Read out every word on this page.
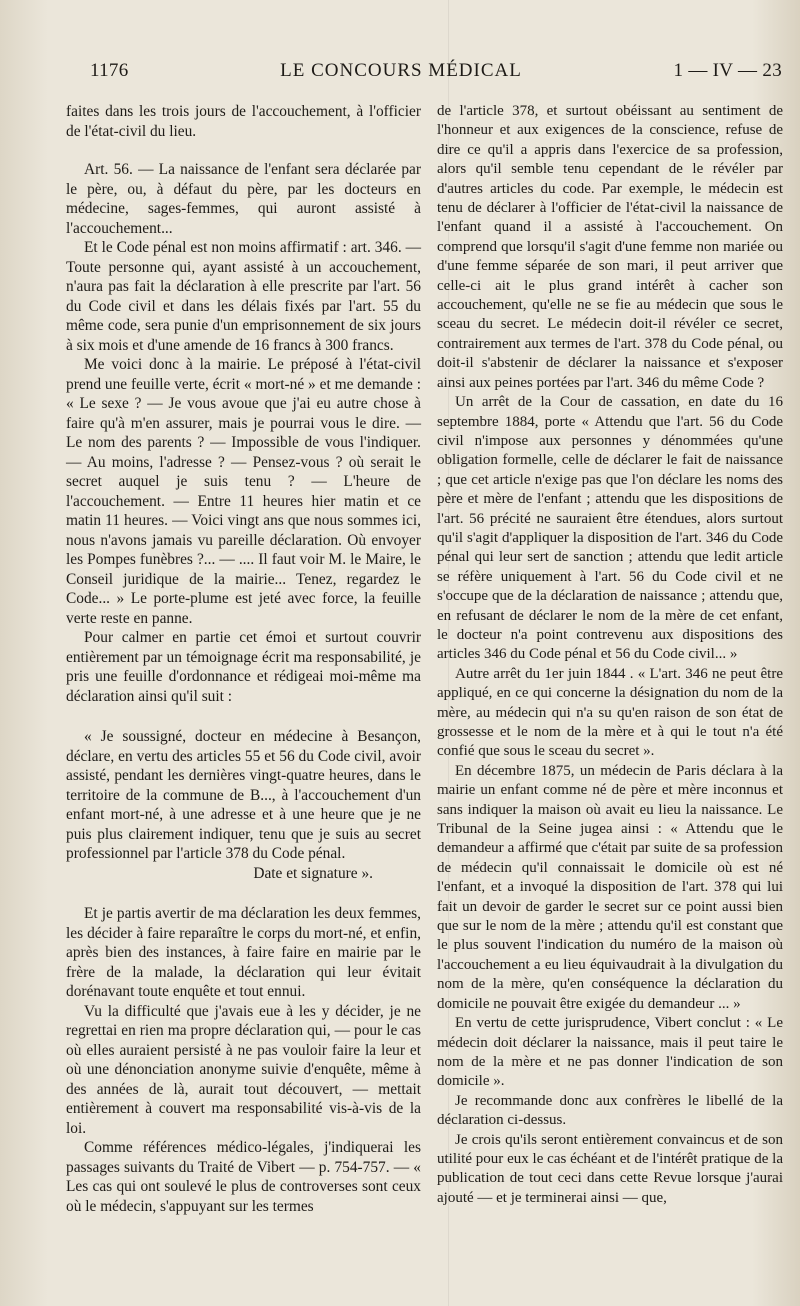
1176	LE CONCOURS MÉDICAL	1 — IV — 23

faites dans les trois jours de l'accouchement, à l'officier de l'état-civil du lieu.

Art. 56. — La naissance de l'enfant sera déclarée par le père, ou, à défaut du père, par les docteurs en médecine, sages-femmes, qui auront assisté à l'accouchement...

Et le Code pénal est non moins affirmatif : art. 346. — Toute personne qui, ayant assisté à un accouchement, n'aura pas fait la déclaration à elle prescrite par l'art. 56 du Code civil et dans les délais fixés par l'art. 55 du même code, sera punie d'un emprisonnement de six jours à six mois et d'une amende de 16 francs à 300 francs.

Me voici donc à la mairie. Le préposé à l'état-civil prend une feuille verte, écrit « mort-né » et me demande : « Le sexe ? — Je vous avoue que j'ai eu autre chose à faire qu'à m'en assurer, mais je pourrai vous le dire. — Le nom des parents ? — Impossible de vous l'indiquer. — Au moins, l'adresse ? — Pensez-vous ? où serait le secret auquel je suis tenu ? — L'heure de l'accouchement. — Entre 11 heures hier matin et ce matin 11 heures. — Voici vingt ans que nous sommes ici, nous n'avons jamais vu pareille déclaration. Où envoyer les Pompes funèbres ?... — .... Il faut voir M. le Maire, le Conseil juridique de la mairie... Tenez, regardez le Code... » Le porte-plume est jeté avec force, la feuille verte reste en panne.

Pour calmer en partie cet émoi et surtout couvrir entièrement par un témoignage écrit ma responsabilité, je pris une feuille d'ordonnance et rédigeai moi-même ma déclaration ainsi qu'il suit :

« Je soussigné, docteur en médecine à Besançon, déclare, en vertu des articles 55 et 56 du Code civil, avoir assisté, pendant les dernières vingt-quatre heures, dans le territoire de la commune de B..., à l'accouchement d'un enfant mort-né, à une adresse et à une heure que je ne puis plus clairement indiquer, tenu que je suis au secret professionnel par l'article 378 du Code pénal.

Date et signature ».

Et je partis avertir de ma déclaration les deux femmes, les décider à faire reparaître le corps du mort-né, et enfin, après bien des instances, à faire faire en mairie par le frère de la malade, la déclaration qui leur évitait dorénavant toute enquête et tout ennui.

Vu la difficulté que j'avais eue à les y décider, je ne regrettai en rien ma propre déclaration qui, — pour le cas où elles auraient persisté à ne pas vouloir faire la leur et où une dénonciation anonyme suivie d'enquête, même à des années de là, aurait tout découvert, — mettait entièrement à couvert ma responsabilité vis-à-vis de la loi.

Comme références médico-légales, j'indiquerai les passages suivants du Traité de Vibert — p. 754-757. — « Les cas qui ont soulevé le plus de controverses sont ceux où le médecin, s'appuyant sur les termes

de l'article 378, et surtout obéissant au sentiment de l'honneur et aux exigences de la conscience, refuse de dire ce qu'il a appris dans l'exercice de sa profession, alors qu'il semble tenu cependant de le révéler par d'autres articles du code. Par exemple, le médecin est tenu de déclarer à l'officier de l'état-civil la naissance de l'enfant quand il a assisté à l'accouchement. On comprend que lorsqu'il s'agit d'une femme non mariée ou d'une femme séparée de son mari, il peut arriver que celle-ci ait le plus grand intérêt à cacher son accouchement, qu'elle ne se fie au médecin que sous le sceau du secret. Le médecin doit-il révéler ce secret, contrairement aux termes de l'art. 378 du Code pénal, ou doit-il s'abstenir de déclarer la naissance et s'exposer ainsi aux peines portées par l'art. 346 du même Code ?

Un arrêt de la Cour de cassation, en date du 16 septembre 1884, porte « Attendu que l'art. 56 du Code civil n'impose aux personnes y dénommées qu'une obligation formelle, celle de déclarer le fait de naissance ; que cet article n'exige pas que l'on déclare les noms des père et mère de l'enfant ; attendu que les dispositions de l'art. 56 précité ne sauraient être étendues, alors surtout qu'il s'agit d'appliquer la disposition de l'art. 346 du Code pénal qui leur sert de sanction ; attendu que ledit article se réfère uniquement à l'art. 56 du Code civil et ne s'occupe que de la déclaration de naissance ; attendu que, en refusant de déclarer le nom de la mère de cet enfant, le docteur n'a point contrevenu aux dispositions des articles 346 du Code pénal et 56 du Code civil... »

Autre arrêt du 1er juin 1844 . « L'art. 346 ne peut être appliqué, en ce qui concerne la désignation du nom de la mère, au médecin qui n'a su qu'en raison de son état de grossesse et le nom de la mère et à qui le tout n'a été confié que sous le sceau du secret ».

En décembre 1875, un médecin de Paris déclara à la mairie un enfant comme né de père et mère inconnus et sans indiquer la maison où avait eu lieu la naissance. Le Tribunal de la Seine jugea ainsi : « Attendu que le demandeur a affirmé que c'était par suite de sa profession de médecin qu'il connaissait le domicile où est né l'enfant, et a invoqué la disposition de l'art. 378 qui lui fait un devoir de garder le secret sur ce point aussi bien que sur le nom de la mère ; attendu qu'il est constant que le plus souvent l'indication du numéro de la maison où l'accouchement a eu lieu équivaudrait à la divulgation du nom de la mère, qu'en conséquence la déclaration du domicile ne pouvait être exigée du demandeur ... »

En vertu de cette jurisprudence, Vibert conclut : « Le médecin doit déclarer la naissance, mais il peut taire le nom de la mère et ne pas donner l'indication de son domicile ».

Je recommande donc aux confrères le libellé de la déclaration ci-dessus.

Je crois qu'ils seront entièrement convaincus et de son utilité pour eux le cas échéant et de l'intérêt pratique de la publication de tout ceci dans cette Revue lorsque j'aurai ajouté — et je terminerai ainsi — que,
